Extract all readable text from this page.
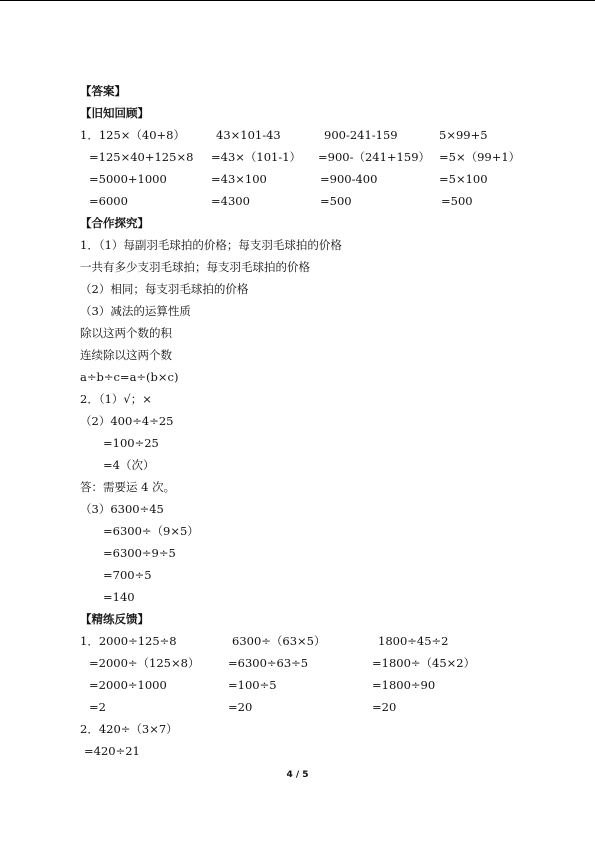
【答案】
【旧知回顾】
1．125×（40+8）	43×101-43	900-241-159	5×99+5
=125×40+125×8 =43×（101-1） =900-（241+159） =5×（99+1）
=5000+1000	=43×100	=900-400	=5×100
=6000	=4300	=500	=500
【合作探究】
1．（1）每副羽毛球拍的价格；每支羽毛球拍的价格
一共有多少支羽毛球拍；每支羽毛球拍的价格
（2）相同；每支羽毛球拍的价格
（3）减法的运算性质
除以这两个数的积
连续除以这两个数
a÷b÷c=a÷(b×c)
2．（1）√；×
（2）400÷4÷25
=100÷25
=4（次）
答：需要运 4 次。
（3）6300÷45
=6300÷（9×5）
=6300÷9÷5
=700÷5
=140
【精练反馈】
1．2000÷125÷8	6300÷（63×5）	1800÷45÷2
=2000÷（125×8） =6300÷63÷5	=1800÷（45×2）
=2000÷1000	=100÷5	=1800÷90
=2	=20	=20
2．420÷（3×7）
=420÷21
4 / 5
